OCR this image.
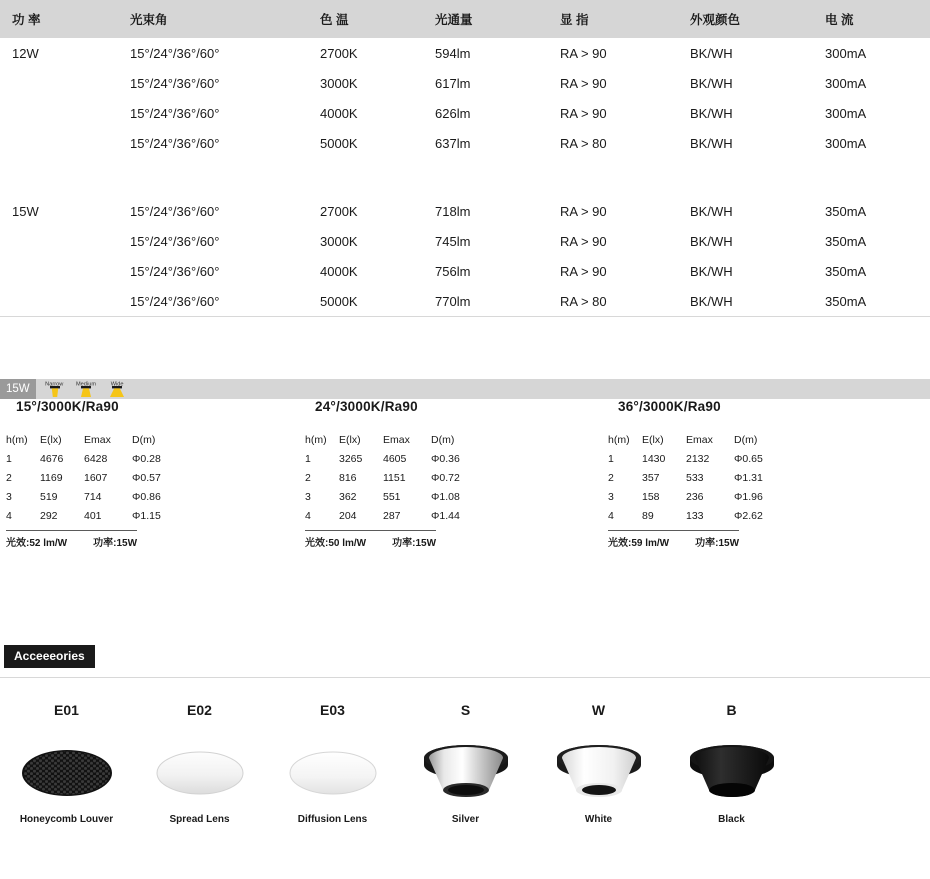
功 率	光束角	色 温	光通量	显 指	外观颜色	电 流
12W	15°/24°/36°/60°	2700K	594lm	RA > 90	BK/WH	300mA
	15°/24°/36°/60°	3000K	617lm	RA > 90	BK/WH	300mA
	15°/24°/36°/60°	4000K	626lm	RA > 90	BK/WH	300mA
	15°/24°/36°/60°	5000K	637lm	RA > 80	BK/WH	300mA

15W	15°/24°/36°/60°	2700K	718lm	RA > 90	BK/WH	350mA
	15°/24°/36°/60°	3000K	745lm	RA > 90	BK/WH	350mA
	15°/24°/36°/60°	4000K	756lm	RA > 90	BK/WH	350mA
	15°/24°/36°/60°	5000K	770lm	RA > 80	BK/WH	350mA
15W	Narrow	Medium	Wide
15°/3000K/Ra90
h(m)	E(lx)	Emax	D(m)
1	4676	6428	Φ0.28
2	1169	1607	Φ0.57
3	519	714	Φ0.86
4	292	401	Φ1.15
光效:52 lm/W	功率:15W
24°/3000K/Ra90
h(m)	E(lx)	Emax	D(m)
1	3265	4605	Φ0.36
2	816	1151	Φ0.72
3	362	551	Φ1.08
4	204	287	Φ1.44
光效:50 lm/W	功率:15W
36°/3000K/Ra90
h(m)	E(lx)	Emax	D(m)
1	1430	2132	Φ0.65
2	357	533	Φ1.31
3	158	236	Φ1.96
4	89	133	Φ2.62
光效:59 lm/W	功率:15W
Acceeeories
E01
Honeycomb Louver
E02
Spread Lens
E03
Diffusion Lens
S
Silver
W
White
B
Black
